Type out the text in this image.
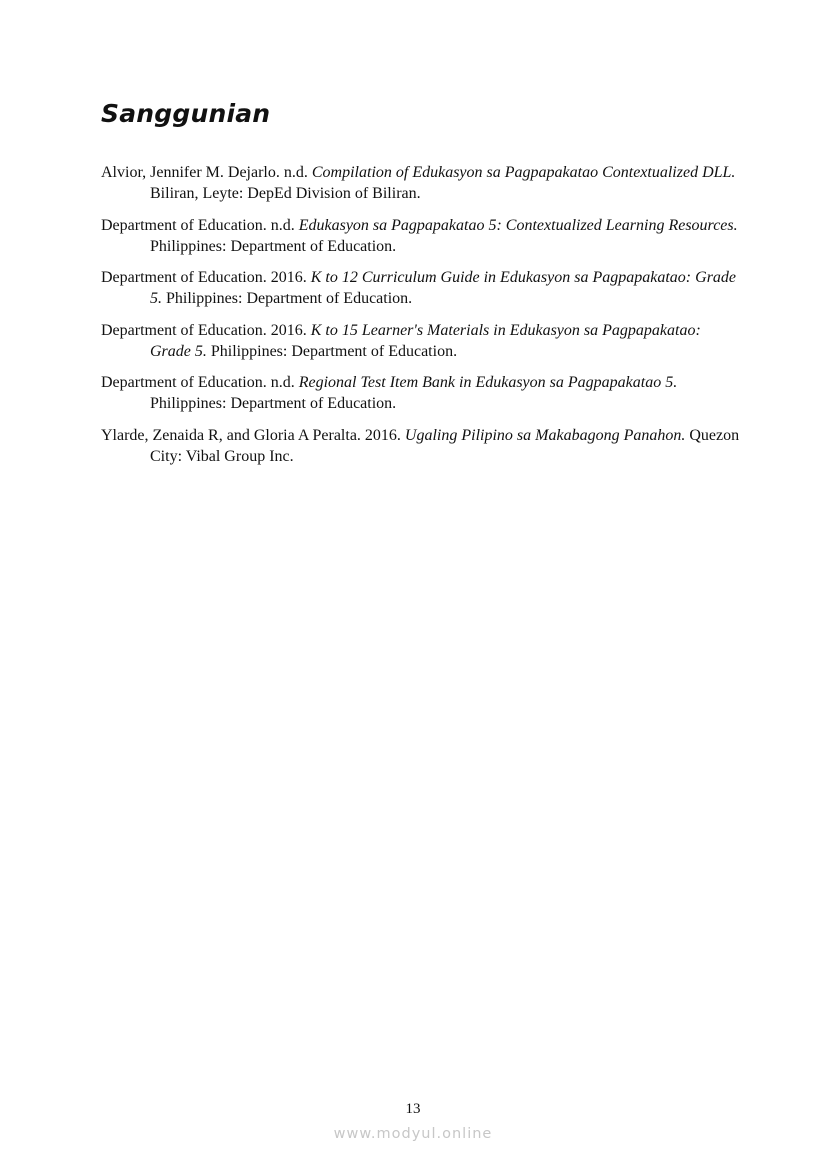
Sanggunian
Alvior, Jennifer M. Dejarlo. n.d. Compilation of Edukasyon sa Pagpapakatao Contextualized DLL. Biliran, Leyte: DepEd Division of Biliran.
Department of Education. n.d. Edukasyon sa Pagpapakatao 5: Contextualized Learning Resources. Philippines: Department of Education.
Department of Education. 2016. K to 12 Curriculum Guide in Edukasyon sa Pagpapakatao: Grade 5. Philippines: Department of Education.
Department of Education. 2016. K to 15 Learner's Materials in Edukasyon sa Pagpapakatao: Grade 5. Philippines: Department of Education.
Department of Education. n.d. Regional Test Item Bank in Edukasyon sa Pagpapakatao 5. Philippines: Department of Education.
Ylarde, Zenaida R, and Gloria A Peralta. 2016. Ugaling Pilipino sa Makabagong Panahon. Quezon City: Vibal Group Inc.
13
www.modyul.online
